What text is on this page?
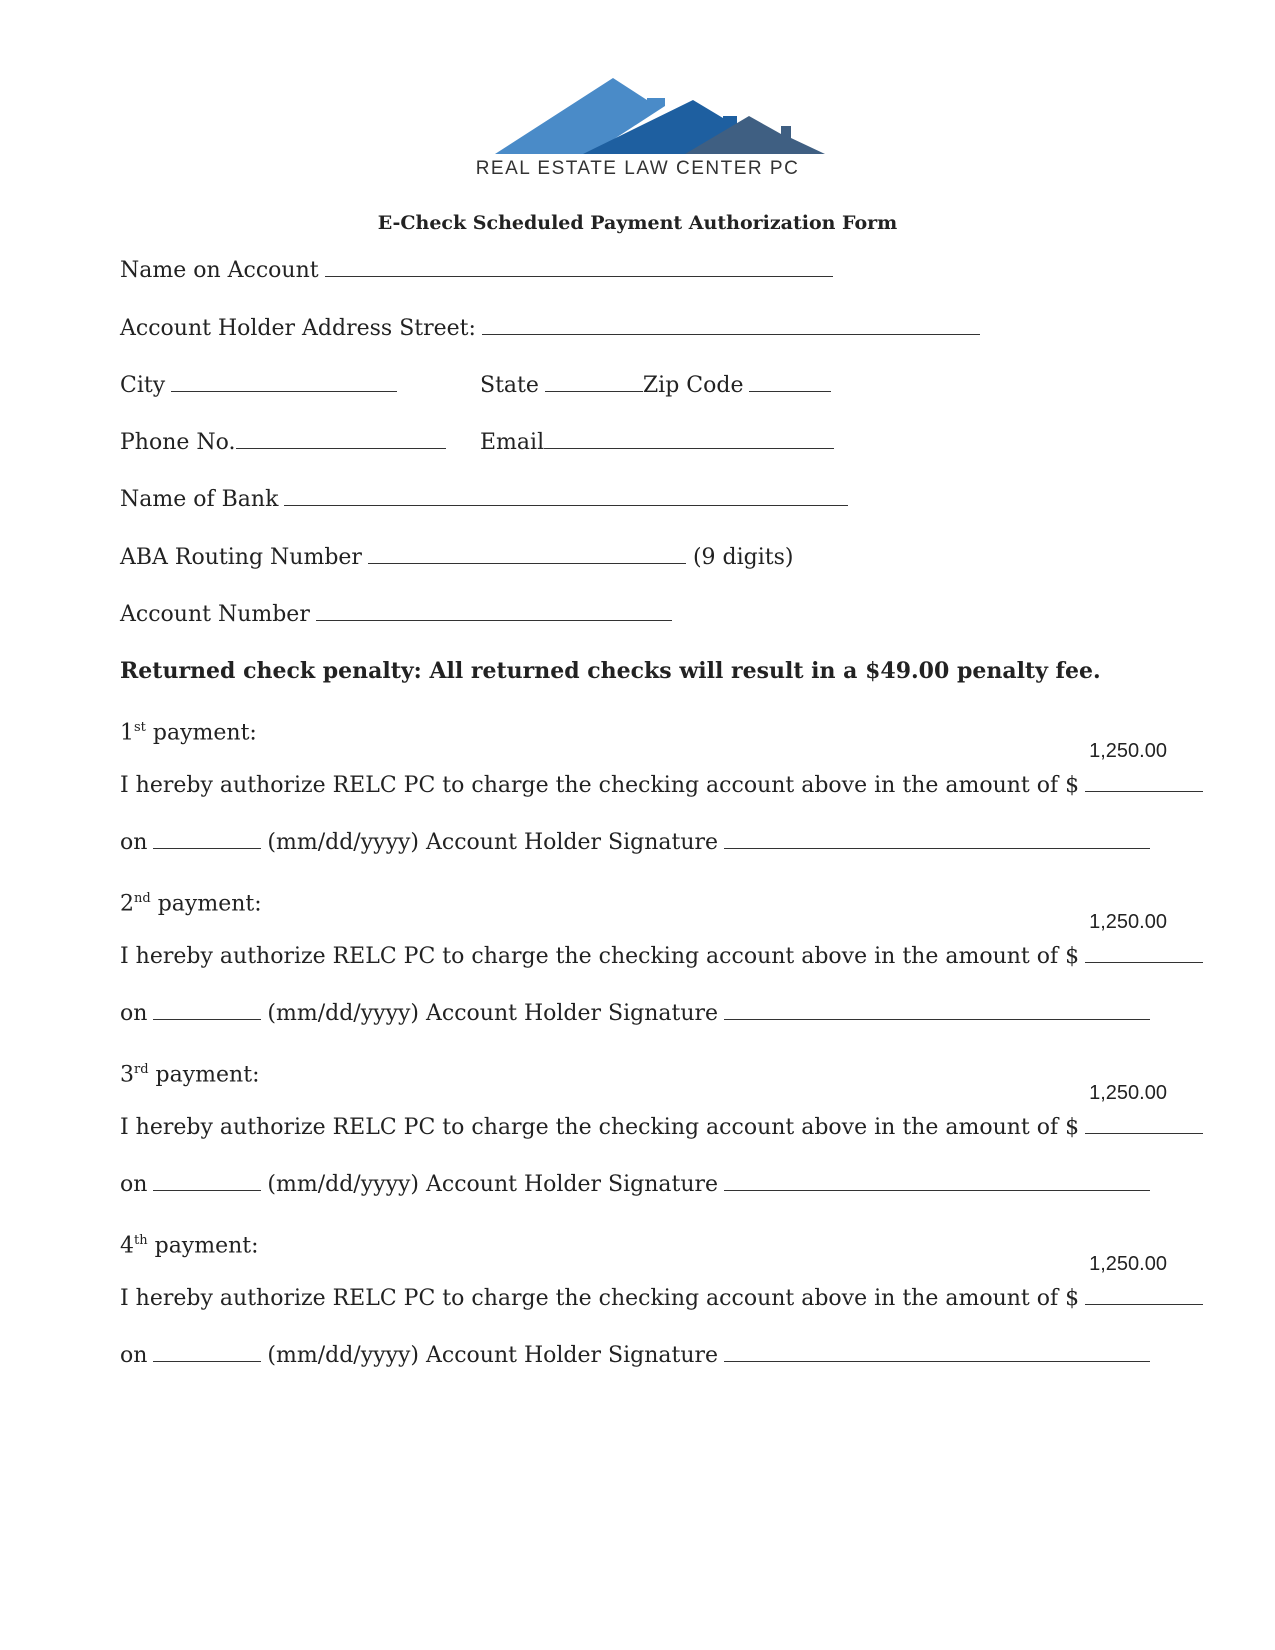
REAL ESTATE LAW CENTER PC
E-Check Scheduled Payment Authorization Form
Name on Account
Account Holder Address Street:
City	State	Zip Code
Phone No.	Email
Name of Bank
ABA Routing Number	(9 digits)
Account Number
Returned check penalty: All returned checks will result in a $49.00 penalty fee.
1st payment:
I hereby authorize RELC PC to charge the checking account above in the amount of $
1,250.00
on	(mm/dd/yyyy) Account Holder Signature
2nd payment:
I hereby authorize RELC PC to charge the checking account above in the amount of $
1,250.00
on	(mm/dd/yyyy) Account Holder Signature
3rd payment:
I hereby authorize RELC PC to charge the checking account above in the amount of $
1,250.00
on	(mm/dd/yyyy) Account Holder Signature
4th payment:
I hereby authorize RELC PC to charge the checking account above in the amount of $
1,250.00
on	(mm/dd/yyyy) Account Holder Signature
